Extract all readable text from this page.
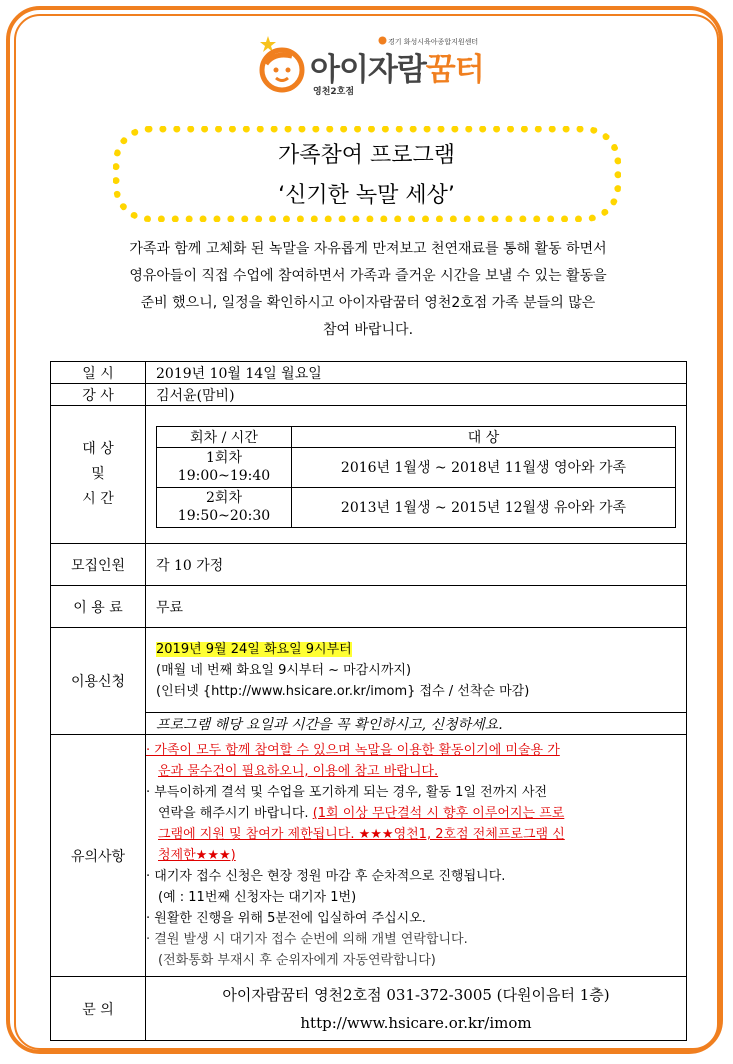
경기 화성시육아종합지원센터
아이자람꿈터
영천2호점
가족참여 프로그램
‘신기한 녹말 세상’
가족과 함께 고체화 된 녹말을 자유롭게 만져보고 천연재료를 통해 활동 하면서
영유아들이 직접 수업에 참여하면서 가족과 즐거운 시간을 보낼 수 있는 활동을
준비 했으니, 일정을 확인하시고 아이자람꿈터 영천2호점 가족 분들의 많은
참여 바랍니다.
일 시	2019년 10월 14일 월요일
강 사	김서윤(맘비)

대 상
및
시 간

회차 / 시간	대 상

1회차
19:00~19:40	2016년 1월생 ~ 2018년 11월생 영아와 가족

2회차
19:50~20:30	2013년 1월생 ~ 2015년 12월생 유아와 가족

모집인원	각 10 가정
이 용 료	무료
이용신청	
2019년 9월 24일 화요일 9시부터
(매월 네 번째 화요일 9시부터 ~ 마감시까지)
(인터넷 {http://www.hsicare.or.kr/imom} 접수 / 선착순 마감)

프로그램 해당 요일과 시간을 꼭 확인하시고, 신청하세요.
유의사항	
· 가족이 모두 함께 참여할 수 있으며 녹말을 이용한 활동이기에 미술용 가
운과 물수건이 필요하오니, 이용에 참고 바랍니다.
· 부득이하게 결석 및 수업을 포기하게 되는 경우, 활동 1일 전까지 사전
연락을 해주시기 바랍니다. (1회 이상 무단결석 시 향후 이루어지는 프로
그램에 지원 및 참여가 제한됩니다. ★★★영천1, 2호점 전체프로그램 신
청제한★★★)
· 대기자 접수 신청은 현장 정원 마감 후 순차적으로 진행됩니다.
(예 : 11번째 신청자는 대기자 1번)
· 원활한 진행을 위해 5분전에 입실하여 주십시오.
· 결원 발생 시 대기자 접수 순번에 의해 개별 연락합니다.
(전화통화 부재시 후 순위자에게 자동연락합니다)

문 의	
아이자람꿈터 영천2호점 031-372-3005 (다원이음터 1층)
http://www.hsicare.or.kr/imom
